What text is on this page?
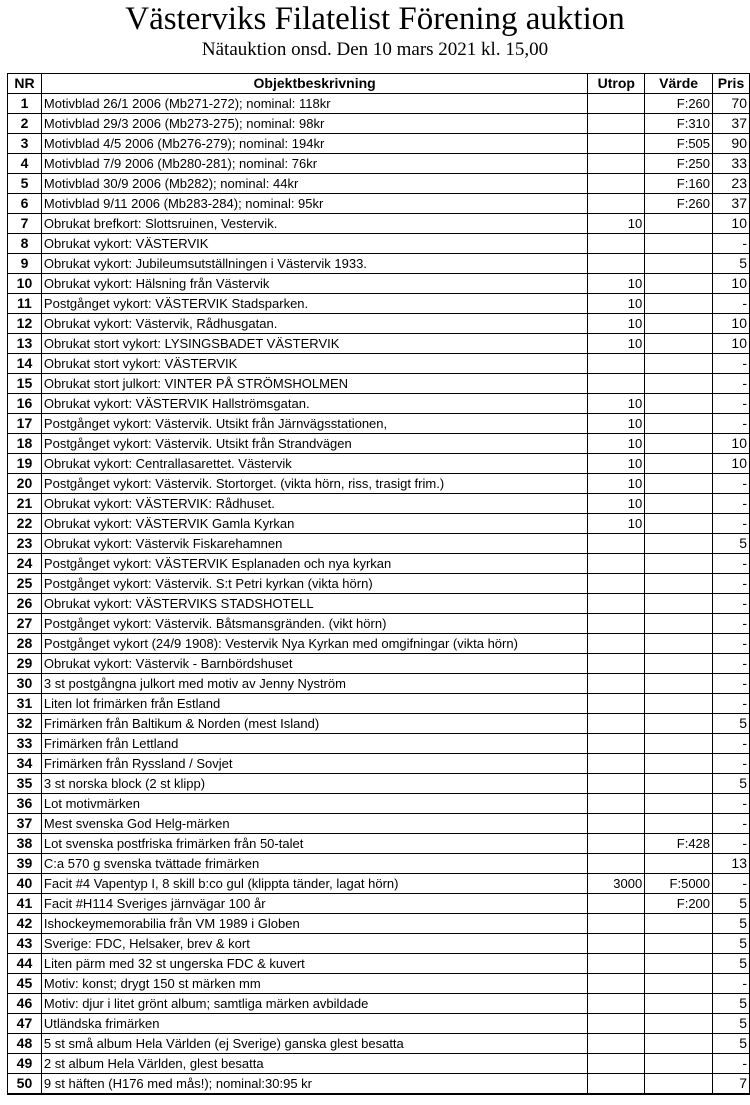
Västerviks Filatelist Förening auktion
Nätauktion onsd. Den 10 mars 2021 kl. 15,00
NR	Objektbeskrivning	Utrop	Värde	Pris
1	Motivblad 26/1 2006 (Mb271-272); nominal: 118kr		F:260	70
2	Motivblad 29/3 2006 (Mb273-275); nominal: 98kr		F:310	37
3	Motivblad 4/5 2006 (Mb276-279); nominal: 194kr		F:505	90
4	Motivblad 7/9 2006 (Mb280-281); nominal: 76kr		F:250	33
5	Motivblad 30/9 2006 (Mb282); nominal: 44kr		F:160	23
6	Motivblad 9/11 2006 (Mb283-284); nominal: 95kr		F:260	37
7	Obrukat brefkort: Slottsruinen, Vestervik.	10		10
8	Obrukat vykort: VÄSTERVIK			-
9	Obrukat vykort: Jubileumsutställningen i Västervik 1933.			5
10	Obrukat vykort: Hälsning från Västervik	10		10
11	Postgånget vykort: VÄSTERVIK Stadsparken.	10		-
12	Obrukat vykort: Västervik, Rådhusgatan.	10		10
13	Obrukat stort vykort: LYSINGSBADET VÄSTERVIK	10		10
14	Obrukat stort vykort: VÄSTERVIK			-
15	Obrukat stort julkort: VINTER PÅ STRÖMSHOLMEN			-
16	Obrukat vykort: VÄSTERVIK Hallströmsgatan.	10		-
17	Postgånget vykort: Västervik. Utsikt från Järnvägsstationen,	10		-
18	Postgånget vykort: Västervik. Utsikt från Strandvägen	10		10
19	Obrukat vykort: Centrallasarettet. Västervik	10		10
20	Postgånget vykort: Västervik. Stortorget. (vikta hörn, riss, trasigt frim.)	10		-
21	Obrukat vykort: VÄSTERVIK: Rådhuset.	10		-
22	Obrukat vykort: VÄSTERVIK Gamla Kyrkan	10		-
23	Obrukat vykort: Västervik Fiskarehamnen			5
24	Postgånget vykort: VÄSTERVIK Esplanaden och nya kyrkan			-
25	Postgånget vykort: Västervik. S:t Petri kyrkan (vikta hörn)			-
26	Obrukat vykort: VÄSTERVIKS STADSHOTELL			-
27	Postgånget vykort: Västervik. Båtsmansgränden. (vikt hörn)			-
28	Postgånget vykort (24/9 1908): Vestervik Nya Kyrkan med omgifningar (vikta hörn)			-
29	Obrukat vykort: Västervik - Barnbördshuset			-
30	3 st postgångna julkort med motiv av Jenny Nyström			-
31	Liten lot frimärken från Estland			-
32	Frimärken från Baltikum & Norden (mest Island)			5
33	Frimärken från Lettland			-
34	Frimärken från Ryssland / Sovjet			-
35	3 st norska block (2 st klipp)			5
36	Lot motivmärken			-
37	Mest svenska God Helg-märken			-
38	Lot svenska postfriska frimärken från 50-talet		F:428	-
39	C:a 570 g svenska tvättade frimärken			13
40	Facit #4 Vapentyp I, 8 skill b:co gul (klippta tänder, lagat hörn)	3000	F:5000	-
41	Facit #H114 Sveriges järnvägar 100 år		F:200	5
42	Ishockeymemorabilia från VM 1989 i Globen			5
43	Sverige: FDC, Helsaker, brev & kort			5
44	Liten pärm med 32 st ungerska FDC & kuvert			5
45	Motiv: konst; drygt 150 st märken mm			-
46	Motiv: djur i litet grönt album; samtliga märken avbildade			5
47	Utländska frimärken			5
48	5 st små album Hela Världen (ej Sverige) ganska glest besatta			5
49	2 st album Hela Världen, glest besatta			-
50	9 st häften (H176 med mås!); nominal:30:95 kr			7
